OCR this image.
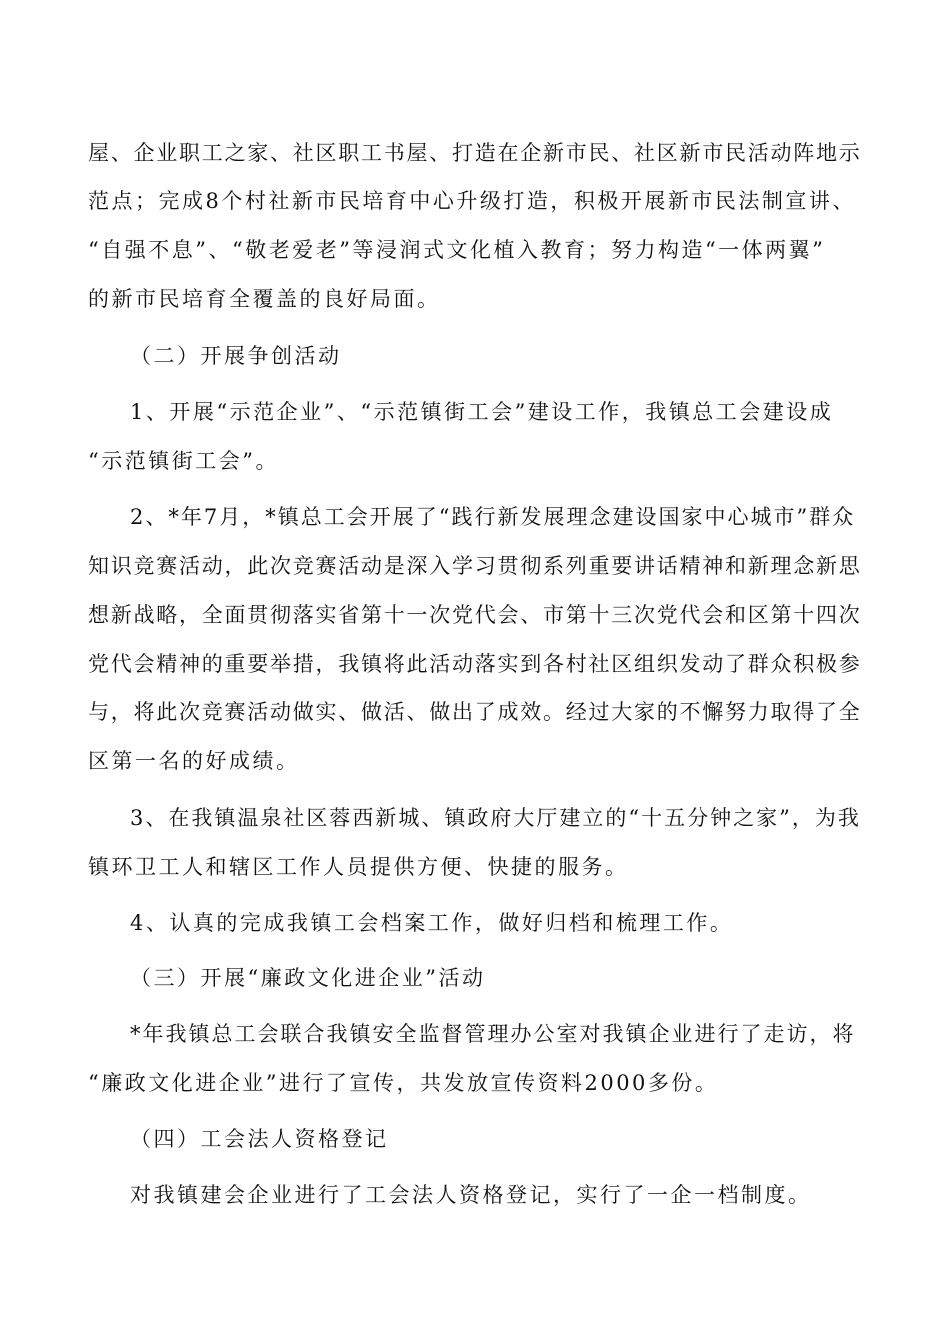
屋、企业职工之家、社区职工书屋、打造在企新市民、社区新市民活动阵地示
范点；完成8个村社新市民培育中心升级打造，积极开展新市民法制宣讲、
“自强不息”、“敬老爱老”等浸润式文化植入教育；努力构造“一体两翼”
的新市民培育全覆盖的良好局面。
（二）开展争创活动
1、开展“示范企业”、“示范镇街工会”建设工作，我镇总工会建设成
“示范镇街工会”。
2、*年7月，*镇总工会开展了“践行新发展理念建设国家中心城市”群众
知识竞赛活动，此次竞赛活动是深入学习贯彻系列重要讲话精神和新理念新思
想新战略，全面贯彻落实省第十一次党代会、市第十三次党代会和区第十四次
党代会精神的重要举措，我镇将此活动落实到各村社区组织发动了群众积极参
与，将此次竞赛活动做实、做活、做出了成效。经过大家的不懈努力取得了全
区第一名的好成绩。
3、在我镇温泉社区蓉西新城、镇政府大厅建立的“十五分钟之家”，为我
镇环卫工人和辖区工作人员提供方便、快捷的服务。
4、认真的完成我镇工会档案工作，做好归档和梳理工作。
（三）开展“廉政文化进企业”活动
*年我镇总工会联合我镇安全监督管理办公室对我镇企业进行了走访，将
“廉政文化进企业”进行了宣传，共发放宣传资料2000多份。
（四）工会法人资格登记
对我镇建会企业进行了工会法人资格登记，实行了一企一档制度。
